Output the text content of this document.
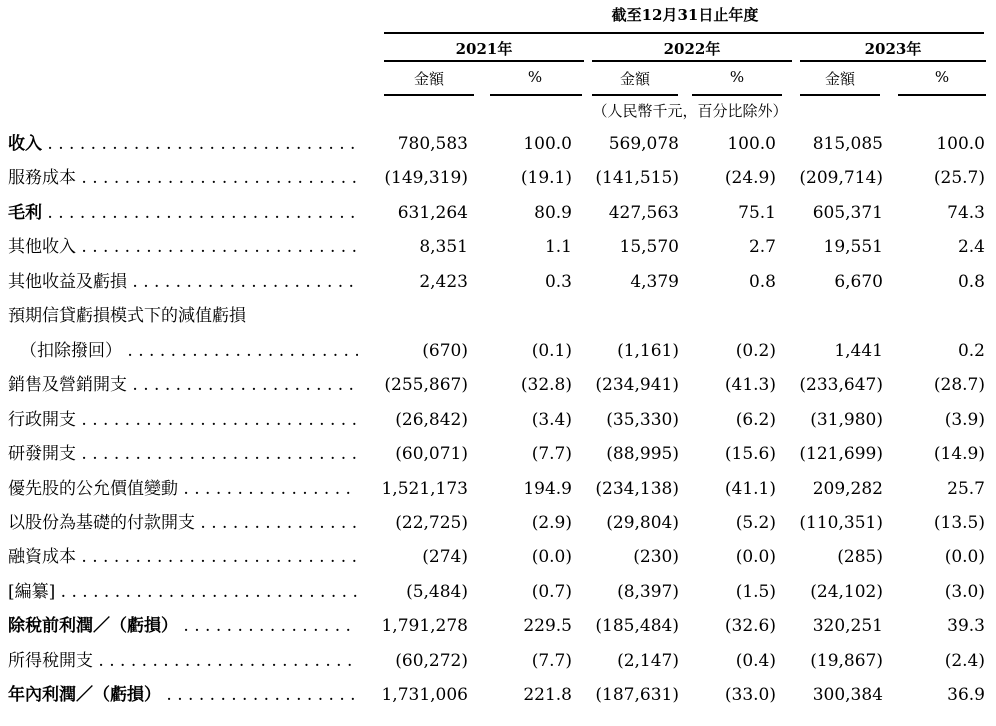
截至12月31日止年度
2021年	2022年	2023年
金額	%	金額	%	金額	%
（人民幣千元，百分比除外）
收入 . . .	780,583	100.0	569,078	100.0	815,085	100.0
服務成本 . . .	(149,319)	(19.1)	(141,515)	(24.9)	(209,714)	(25.7)
毛利 . . .	631,264	80.9	427,563	75.1	605,371	74.3
其他收入 . . .	8,351	1.1	15,570	2.7	19,551	2.4
其他收益及虧損 . . .	2,423	0.3	4,379	0.8	6,670	0.8
預期信貸虧損模式下的減值虧損
（扣除撥回） . . .	(670)	(0.1)	(1,161)	(0.2)	1,441	0.2
銷售及營銷開支 . . .	(255,867)	(32.8)	(234,941)	(41.3)	(233,647)	(28.7)
行政開支 . . .	(26,842)	(3.4)	(35,330)	(6.2)	(31,980)	(3.9)
研發開支 . . .	(60,071)	(7.7)	(88,995)	(15.6)	(121,699)	(14.9)
優先股的公允價值變動 . . .	1,521,173	194.9	(234,138)	(41.1)	209,282	25.7
以股份為基礎的付款開支 . . .	(22,725)	(2.9)	(29,804)	(5.2)	(110,351)	(13.5)
融資成本 . . .	(274)	(0.0)	(230)	(0.0)	(285)	(0.0)
[編纂] . . .	(5,484)	(0.7)	(8,397)	(1.5)	(24,102)	(3.0)
除稅前利潤／（虧損） . . .	1,791,278	229.5	(185,484)	(32.6)	320,251	39.3
所得稅開支 . . .	(60,272)	(7.7)	(2,147)	(0.4)	(19,867)	(2.4)
年內利潤／（虧損） . . .	1,731,006	221.8	(187,631)	(33.0)	300,384	36.9
